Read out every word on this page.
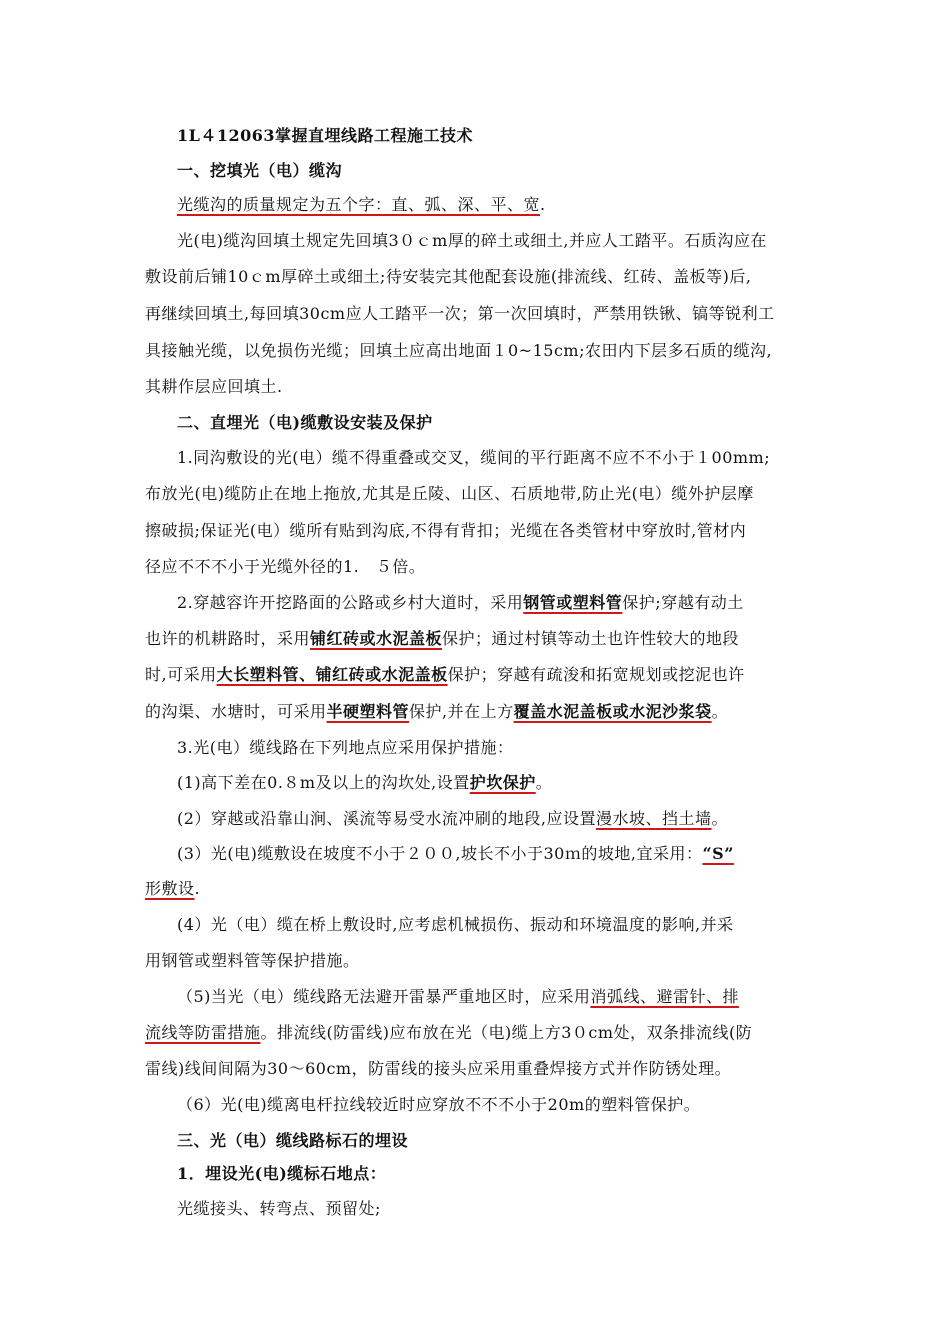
1L４12063掌握直埋线路工程施工技术
一、挖填光（电）缆沟
光缆沟的质量规定为五个字：直、弧、深、平、宽.
光(电)缆沟回填土规定先回填3０ｃm厚的碎土或细土,并应人工踏平。石质沟应在
敷设前后铺10ｃm厚碎土或细土;待安装完其他配套设施(排流线、红砖、盖板等)后,
再继续回填土,每回填30cm应人工踏平一次；第一次回填时，严禁用铁锹、镐等锐利工
具接触光缆，以免损伤光缆；回填土应高出地面１0~15cm;农田内下层多石质的缆沟,
其耕作层应回填土.
二、直埋光（电)缆敷设安装及保护
1.同沟敷设的光(电）缆不得重叠或交叉，缆间的平行距离不应不不小于１00mm;
布放光(电)缆防止在地上拖放,尤其是丘陵、山区、石质地带,防止光(电）缆外护层摩
擦破损;保证光(电）缆所有贴到沟底,不得有背扣；光缆在各类管材中穿放时,管材内
径应不不不小于光缆外径的1.　５倍。
2.穿越容许开挖路面的公路或乡村大道时，采用钢管或塑料管保护;穿越有动土
也许的机耕路时，采用铺红砖或水泥盖板保护；通过村镇等动土也许性较大的地段
时,可采用大长塑料管、铺红砖或水泥盖板保护；穿越有疏浚和拓宽规划或挖泥也许
的沟渠、水塘时，可采用半硬塑料管保护,并在上方覆盖水泥盖板或水泥沙浆袋。
3.光(电）缆线路在下列地点应采用保护措施：
(1)高下差在0.８m及以上的沟坎处,设置护坎保护。
(2）穿越或沿靠山涧、溪流等易受水流冲刷的地段,应设置漫水坡、挡土墙。
(3）光(电)缆敷设在坡度不小于２００,坡长不小于30ｍ的坡地,宜采用：“S”
形敷设.
(4）光（电）缆在桥上敷设时,应考虑机械损伤、振动和环境温度的影响,并采
用钢管或塑料管等保护措施。
（5)当光（电）缆线路无法避开雷暴严重地区时，应采用消弧线、避雷针、排
流线等防雷措施。排流线(防雷线)应布放在光（电)缆上方3０cm处，双条排流线(防
雷线)线间间隔为30～60cm，防雷线的接头应采用重叠焊接方式并作防锈处理。
（6）光(电)缆离电杆拉线较近时应穿放不不不小于20m的塑料管保护。
三、光（电）缆线路标石的埋设
1．埋设光(电)缆标石地点：
光缆接头、转弯点、预留处;
